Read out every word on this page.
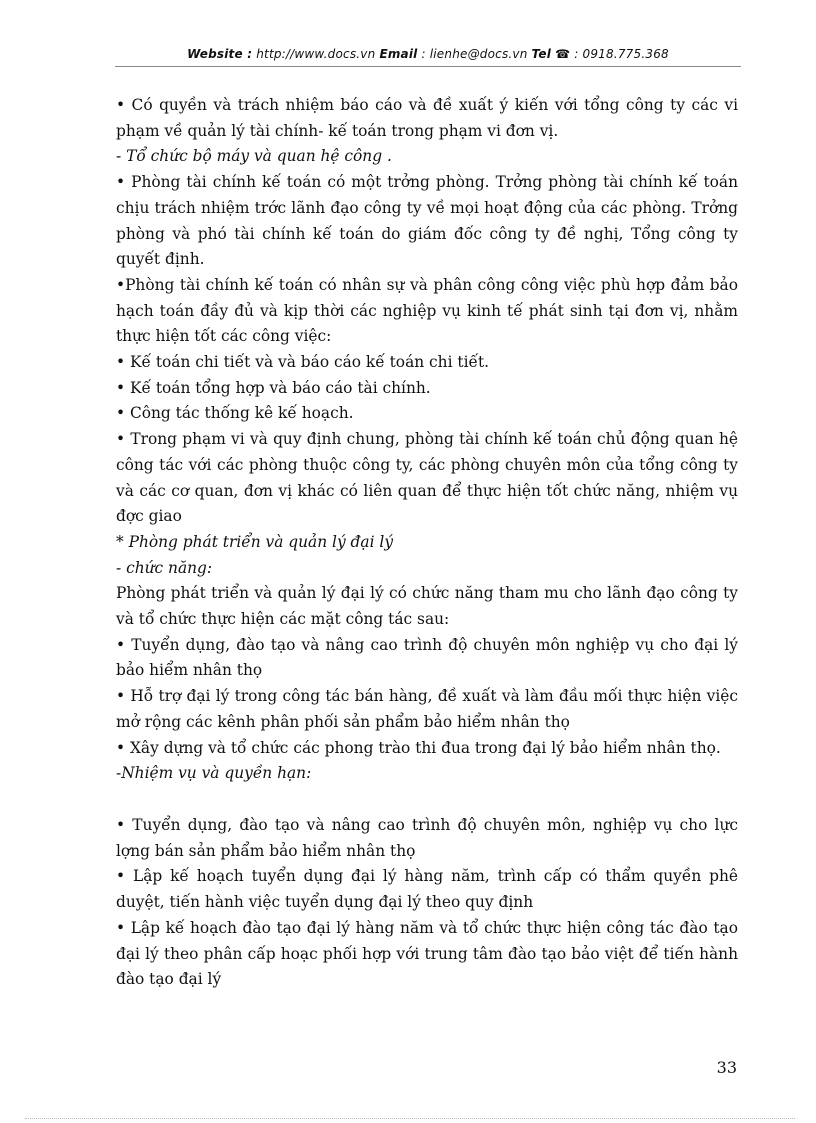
Website : http://www.docs.vn Email : lienhe@docs.vn Tel ☎ : 0918.775.368

• Có quyền và trách nhiệm báo cáo và đề xuất ý kiến với tổng công ty các vi phạm về quản lý tài chính- kế toán trong phạm vi đơn vị.

- Tổ chức bộ máy và quan hệ công .

• Phòng tài chính kế toán có một trởng phòng. Trởng phòng tài chính kế toán chịu trách nhiệm trớc lãnh đạo công ty về mọi hoạt động của các phòng. Trởng phòng và phó tài chính kế toán do giám đốc công ty đề nghị, Tổng công ty quyết định.

•Phòng tài chính kế toán có nhân sự và phân công công việc phù hợp đảm bảo hạch toán đầy đủ và kịp thời các nghiệp vụ kinh tế phát sinh tại đơn vị, nhằm thực hiện tốt các công việc:

• Kế toán chi tiết và và báo cáo kế toán chi tiết.

• Kế toán tổng hợp và báo cáo tài chính.

• Công tác thống kê kế hoạch.

• Trong phạm vi và quy định chung, phòng tài chính kế toán chủ động quan hệ công tác với các phòng thuộc công ty, các phòng chuyên môn của tổng công ty và các cơ quan, đơn vị khác có liên quan để thực hiện tốt chức năng, nhiệm vụ đợc giao

* Phòng phát triển và quản lý đại lý

- chức năng:

Phòng phát triển và quản lý đại lý có chức năng tham mu cho lãnh đạo công ty và tổ chức thực hiện các mặt công tác sau:

• Tuyển dụng, đào tạo và nâng cao trình độ chuyên môn nghiệp vụ cho đại lý bảo hiểm nhân thọ

• Hỗ trợ đại lý trong công tác bán hàng, đề xuất và làm đầu mối thực hiện việc mở rộng các kênh phân phối sản phẩm bảo hiểm nhân thọ

• Xây dựng và tổ chức các phong trào thi đua trong đại lý bảo hiểm nhân thọ.

-Nhiệm vụ và quyền hạn:

• Tuyển dụng, đào tạo và nâng cao trình độ chuyên môn, nghiệp vụ cho lực lợng bán sản phẩm bảo hiểm nhân thọ

• Lập kế hoạch tuyển dụng đại lý hàng năm, trình cấp có thẩm quyền phê duyệt, tiến hành việc tuyển dụng đại lý theo quy định

• Lập kế hoạch đào tạo đại lý hàng năm và tổ chức thực hiện công tác đào tạo đại lý theo phân cấp hoạc phối hợp với trung tâm đào tạo bảo việt để tiến hành đào tạo đại lý

33
